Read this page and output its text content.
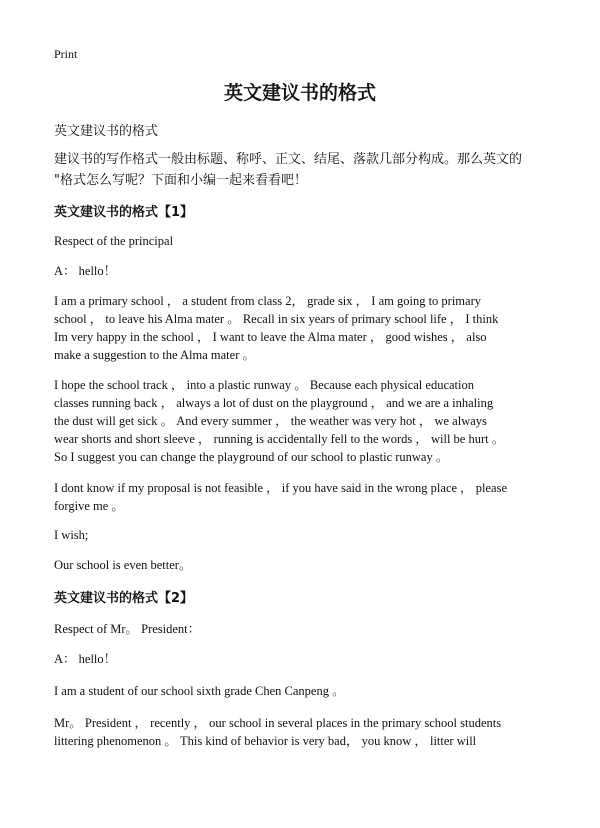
Print
英文建议书的格式
英文建议书的格式

建议书的写作格式一般由标题、称呼、正文、结尾、落款几部分构成。那么英文的

"格式怎么写呢？下面和小编一起来看看吧！

英文建议书的格式【1】

Respect of the principal

A： hello！

I am a primary school ， a student from class 2， grade six ， I am going to primary

school ， to leave his Alma mater 。 Recall in six years of primary school life ， I think

Im very happy in the school ， I want to leave the Alma mater ， good wishes ， also

make a suggestion to the Alma mater 。

I hope the school track ， into a plastic runway 。 Because each physical education

classes running back ， always a lot of dust on the playground ， and we are a inhaling

the dust will get sick 。 And every summer ， the weather was very hot ， we always

wear shorts and short sleeve ， running is accidentally fell to the words ， will be hurt 。

So I suggest you can change the playground of our school to plastic runway 。

I dont know if my proposal is not feasible ， if you have said in the wrong place ， please

forgive me 。

I wish;

Our school is even better。

英文建议书的格式【2】

Respect of Mr。 President：

A： hello！

I am a student of our school sixth grade Chen Canpeng 。

Mr。 President ， recently ， our school in several places in the primary school students

littering phenomenon 。 This kind of behavior is very bad， you know ， litter will
